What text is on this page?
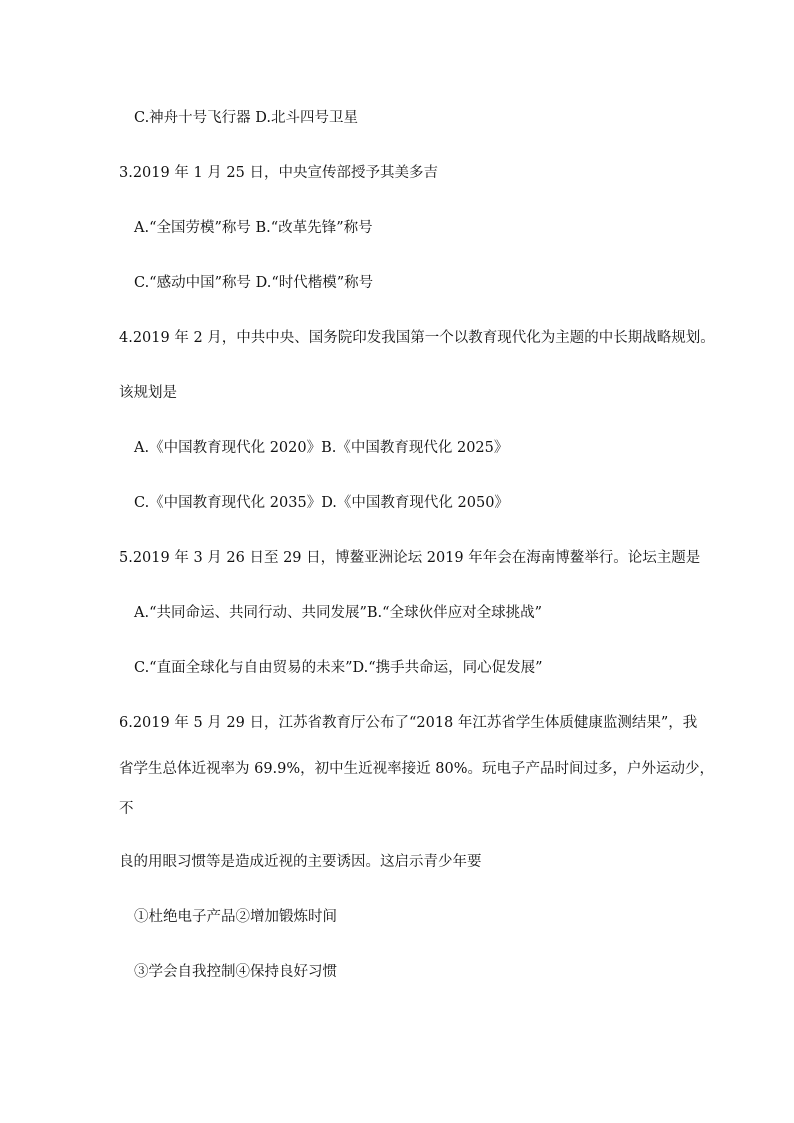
C.神舟十号飞行器 D.北斗四号卫星
3.2019 年 1 月 25 日，中央宣传部授予其美多吉
A.“全国劳模”称号 B.“改革先锋”称号
C.“感动中国”称号 D.“时代楷模”称号
4.2019 年 2 月，中共中央、国务院印发我国第一个以教育现代化为主题的中长期战略规划。
该规划是
A.《中国教育现代化 2020》B.《中国教育现代化 2025》
C.《中国教育现代化 2035》D.《中国教育现代化 2050》
5.2019 年 3 月 26 日至 29 日，博鳌亚洲论坛 2019 年年会在海南博鳌举行。论坛主题是
A.“共同命运、共同行动、共同发展”B.“全球伙伴应对全球挑战”
C.“直面全球化与自由贸易的未来”D.“携手共命运，同心促发展”
6.2019 年 5 月 29 日，江苏省教育厅公布了“2018 年江苏省学生体质健康监测结果”，我
省学生总体近视率为 69.9%，初中生近视率接近 80%。玩电子产品时间过多，户外运动少，
不
良的用眼习惯等是造成近视的主要诱因。这启示青少年要
①杜绝电子产品②增加锻炼时间
③学会自我控制④保持良好习惯
